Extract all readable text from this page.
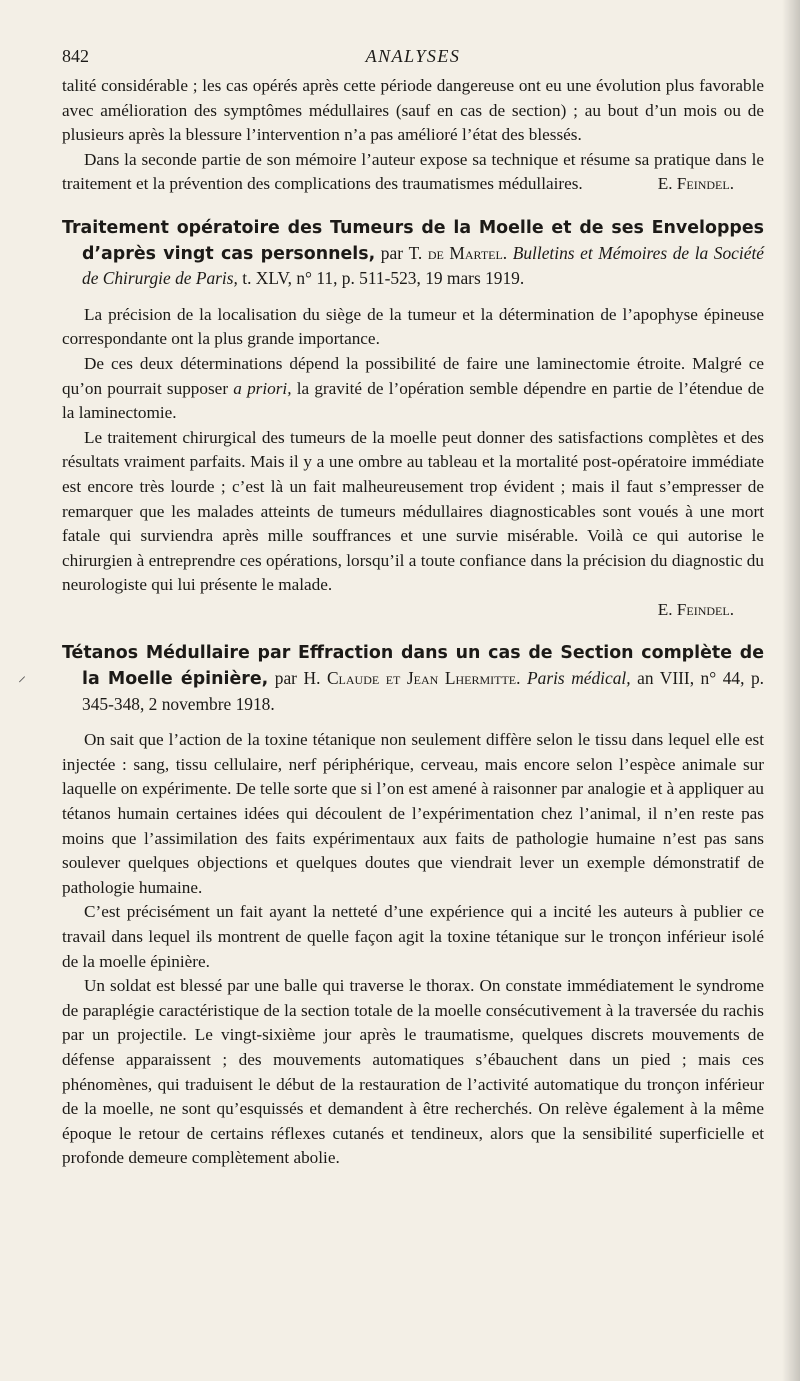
842	ANALYSES

talité considérable ; les cas opérés après cette période dangereuse ont eu une évolution plus favorable avec amélioration des symptômes médullaires (sauf en cas de section) ; au bout d’un mois ou de plusieurs après la blessure l’intervention n’a pas amélioré l’état des blessés.

Dans la seconde partie de son mémoire l’auteur expose sa technique et résume sa pratique dans le traitement et la prévention des complications des traumatismes médullaires.	E. Feindel.

Traitement opératoire des Tumeurs de la Moelle et de ses Enveloppes d’après vingt cas personnels, par T. de Martel. Bulletins et Mémoires de la Société de Chirurgie de Paris, t. XLV, n° 11, p. 511-523, 19 mars 1919.

La précision de la localisation du siège de la tumeur et la détermination de l’apophyse épineuse correspondante ont la plus grande importance.

De ces deux déterminations dépend la possibilité de faire une laminectomie étroite. Malgré ce qu’on pourrait supposer a priori, la gravité de l’opération semble dépendre en partie de l’étendue de la laminectomie.

Le traitement chirurgical des tumeurs de la moelle peut donner des satisfactions complètes et des résultats vraiment parfaits. Mais il y a une ombre au tableau et la mortalité post-opératoire immédiate est encore très lourde ; c’est là un fait malheureusement trop évident ; mais il faut s’empresser de remarquer que les malades atteints de tumeurs médullaires diagnosticables sont voués à une mort fatale qui surviendra après mille souffrances et une survie misérable. Voilà ce qui autorise le chirurgien à entreprendre ces opérations, lorsqu’il a toute confiance dans la précision du diagnostic du neurologiste qui lui présente le malade.

E. Feindel.
Tétanos Médullaire par Effraction dans un cas de Section complète de la Moelle épinière, par H. Claude et Jean Lhermitte. Paris médical, an VIII, n° 44, p. 345-348, 2 novembre 1918.

On sait que l’action de la toxine tétanique non seulement diffère selon le tissu dans lequel elle est injectée : sang, tissu cellulaire, nerf périphérique, cerveau, mais encore selon l’espèce animale sur laquelle on expérimente. De telle sorte que si l’on est amené à raisonner par analogie et à appliquer au tétanos humain certaines idées qui découlent de l’expérimentation chez l’animal, il n’en reste pas moins que l’assimilation des faits expérimentaux aux faits de pathologie humaine n’est pas sans soulever quelques objections et quelques doutes que viendrait lever un exemple démonstratif de pathologie humaine.

C’est précisément un fait ayant la netteté d’une expérience qui a incité les auteurs à publier ce travail dans lequel ils montrent de quelle façon agit la toxine tétanique sur le tronçon inférieur isolé de la moelle épinière.

Un soldat est blessé par une balle qui traverse le thorax. On constate immédiatement le syndrome de paraplégie caractéristique de la section totale de la moelle consécutivement à la traversée du rachis par un projectile. Le vingt-sixième jour après le traumatisme, quelques discrets mouvements de défense apparaissent ; des mouvements automatiques s’ébauchent dans un pied ; mais ces phénomènes, qui traduisent le début de la restauration de l’activité automatique du tronçon inférieur de la moelle, ne sont qu’esquissés et demandent à être recherchés. On relève également à la même époque le retour de certains réflexes cutanés et tendineux, alors que la sensibilité superficielle et profonde demeure complètement abolie.

⸝
